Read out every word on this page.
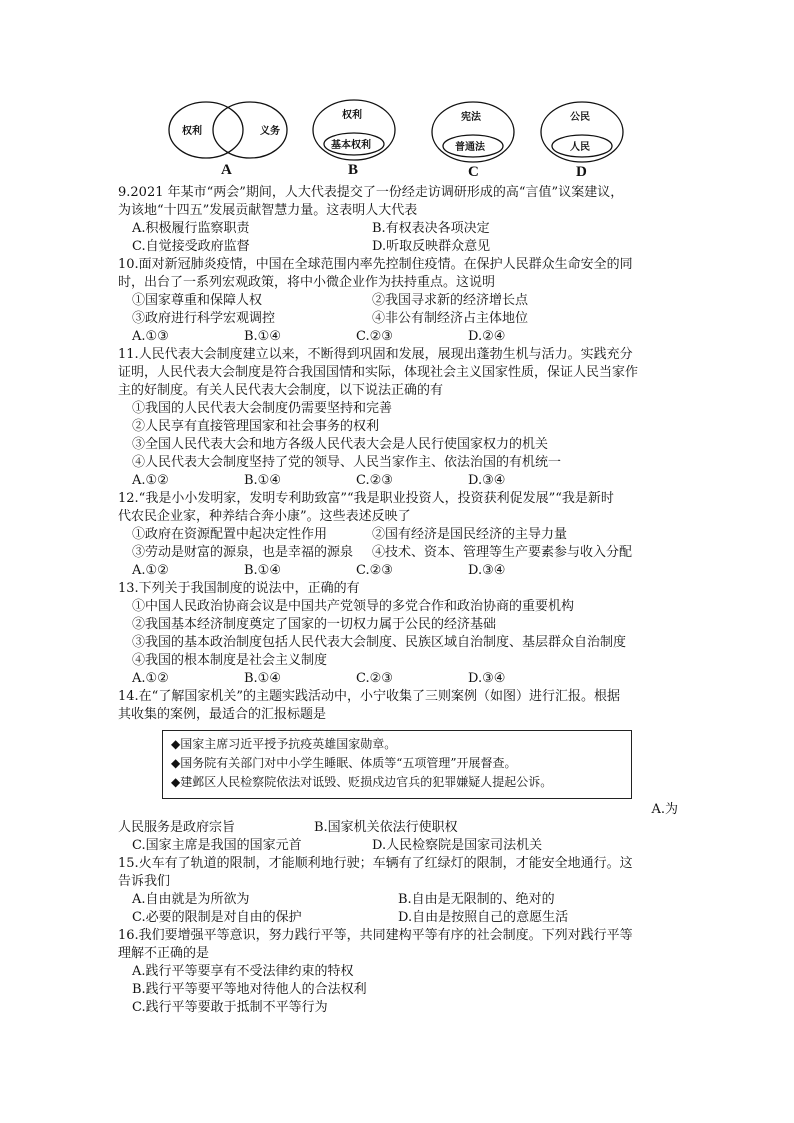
权利	义务
A
权利
基本权利
B
宪法
普通法
C
公民
人民
D
9.2021 年某市“两会”期间，人大代表提交了一份经走访调研形成的高“言值”议案建议，
为该地“十四五”发展贡献智慧力量。这表明人大代表
A.积极履行监察职责	B.有权表决各项决定
C.自觉接受政府监督	D.听取反映群众意见
10.面对新冠肺炎疫情，中国在全球范围内率先控制住疫情。在保护人民群众生命安全的同
时，出台了一系列宏观政策，将中小微企业作为扶持重点。这说明
①国家尊重和保障人权	②我国寻求新的经济增长点
③政府进行科学宏观调控	④非公有制经济占主体地位
A.①③	B.①④	C.②③	D.②④
11.人民代表大会制度建立以来，不断得到巩固和发展，展现出蓬勃生机与活力。实践充分
证明，人民代表大会制度是符合我国国情和实际，体现社会主义国家性质，保证人民当家作
主的好制度。有关人民代表大会制度，以下说法正确的有
①我国的人民代表大会制度仍需要坚持和完善
②人民享有直接管理国家和社会事务的权利
③全国人民代表大会和地方各级人民代表大会是人民行使国家权力的机关
④人民代表大会制度坚持了党的领导、人民当家作主、依法治国的有机统一
A.①②	B.①④	C.②③	D.③④
12.“我是小小发明家，发明专利助致富”“我是职业投资人，投资获利促发展”“我是新时
代农民企业家，种养结合奔小康”。这些表述反映了
①政府在资源配置中起决定性作用	②国有经济是国民经济的主导力量
③劳动是财富的源泉，也是幸福的源泉	④技术、资本、管理等生产要素参与收入分配
A.①②	B.①④	C.②③	D.③④
13.下列关于我国制度的说法中，正确的有
①中国人民政治协商会议是中国共产党领导的多党合作和政治协商的重要机构
②我国基本经济制度奠定了国家的一切权力属于公民的经济基础
③我国的基本政治制度包括人民代表大会制度、民族区域自治制度、基层群众自治制度
④我国的根本制度是社会主义制度
A.①②	B.①④	C.②③	D.③④
14.在“了解国家机关”的主题实践活动中，小宁收集了三则案例（如图）进行汇报。根据
其收集的案例，最适合的汇报标题是
◆国家主席习近平授予抗疫英雄国家勋章。
◆国务院有关部门对中小学生睡眠、体质等“五项管理”开展督查。
◆建邺区人民检察院依法对诋毁、贬损戍边官兵的犯罪嫌疑人提起公诉。
A.为
人民服务是政府宗旨	B.国家机关依法行使职权
C.国家主席是我国的国家元首	D.人民检察院是国家司法机关
15.火车有了轨道的限制，才能顺利地行驶；车辆有了红绿灯的限制，才能安全地通行。这
告诉我们
A.自由就是为所欲为	B.自由是无限制的、绝对的
C.必要的限制是对自由的保护	D.自由是按照自己的意愿生活
16.我们要增强平等意识，努力践行平等，共同建构平等有序的社会制度。下列对践行平等
理解不正确的是
A.践行平等要享有不受法律约束的特权
B.践行平等要平等地对待他人的合法权利
C.践行平等要敢于抵制不平等行为
